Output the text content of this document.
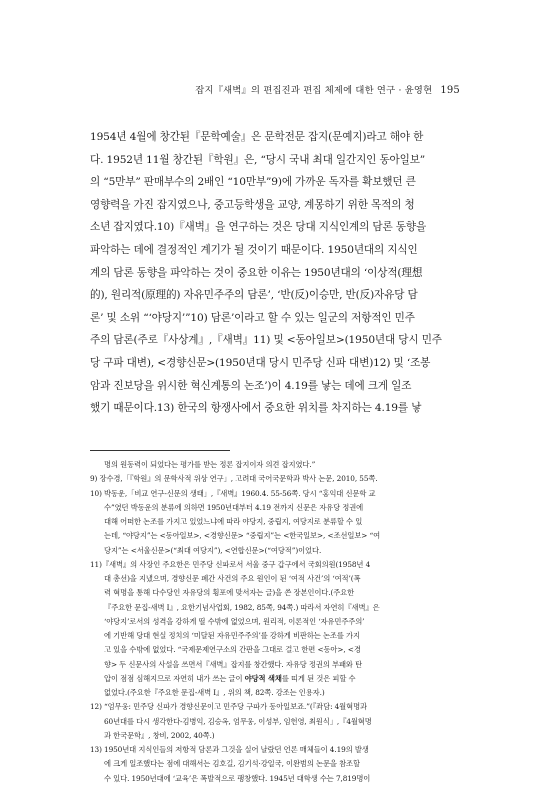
잡지『새벽』의 편집진과 편집 체제에 대한 연구 · 윤영현 195
1954년 4월에 창간된『문학예술』은 문학전문 잡지(문예지)라고 해야 한
다. 1952년 11월 창간된『학원』은, “당시 국내 최대 일간지인 동아일보”
의 “5만부” 판매부수의 2배인 “10만부”9)에 가까운 독자를 확보했던 큰
영향력을 가진 잡지였으나, 중고등학생을 교양, 계몽하기 위한 목적의 청
소년 잡지였다.10)『새벽』을 연구하는 것은 당대 지식인계의 담론 동향을
파악하는 데에 결정적인 계기가 될 것이기 때문이다. 1950년대의 지식인
계의 담론 동향을 파악하는 것이 중요한 이유는 1950년대의 ‘이상적(理想
的), 원리적(原理的) 자유민주주의 담론’, ‘반(反)이승만, 반(反)자유당 담
론’ 및 소위 “‘야당지’”10) 담론’이라고 할 수 있는 일군의 저항적인 민주
주의 담론(주로『사상계』,『새벽』11) 및 <동아일보>(1950년대 당시 민주
당 구파 대변), <경향신문>(1950년대 당시 민주당 신파 대변)12) 및 ‘조봉
암과 진보당을 위시한 혁신계통의 논조’)이 4.19를 낳는 데에 크게 일조
했기 때문이다.13) 한국의 항쟁사에서 중요한 위치를 차지하는 4.19를 낳
명의 원동력이 되었다는 평가를 받는 정론 잡지이자 의견 잡지였다.”
9) 장수경,「『학원』의 문학사적 위상 연구」, 고려대 국어국문학과 박사 논문, 2010, 55쪽.
10) 박동운,「비교 연구-신문의 생태」,『새벽』1960.4. 55-56쪽. 당시 “홍익대 신문학 교
수”였던 박동운의 분류에 의하면 1950년대부터 4.19 전까지 신문은 자유당 정권에
대해 어떠한 논조를 가지고 있었느냐에 따라 야당지, 중립지, 여당지로 분류할 수 있
는데, “야당지”는 <동아일보>, <경향신문> “중립지”는 <한국일보>, <조선일보> “여
당지”는 <서울신문>(“최대 여당지”), <연합신문>(“여당적”)이었다.
11)『새벽』의 사장인 주요한은 민주당 신파로서 서울 중구 갑구에서 국회의원(1958년 4
대 총선)을 지냈으며, 경향신문 폐간 사건의 주요 원인이 된 ‘여적 사건’의 ‘여적’(폭
력 혁명을 통해 다수당인 자유당의 횡포에 맞서자는 글)을 쓴 장본인이다.(주요한
『주요한 문집-새벽 I』, 요한기념사업회, 1982, 85쪽, 94쪽.) 따라서 자연히『새벽』은
‘야당지’로서의 성격을 강하게 띨 수밖에 없었으며, 원리적, 이론적인 ‘자유민주주의’
에 기반해 당대 현실 정치의 ‘미달된 자유민주주의’를 강하게 비판하는 논조를 가지
고 있을 수밖에 없었다. “국제문제연구소의 간판을 그대로 걸고 한편 <동아>, <경
향> 두 신문사의 사설을 쓰면서『새벽』잡지를 창간했다. 자유당 정권의 부패와 탄
압이 점점 심해지므로 자연히 내가 쓰는 글이 야당적 색채를 띠게 된 것은 피할 수
없었다.(주요한『주요한 문집-새벽 I』, 위의 책, 82쪽. 강조는 인용자.)
12) “엄무웅: 민주당 신파가 경향신문이고 민주당 구파가 동아일보죠.”(『좌담: 4월혁명과
60년대를 다시 생각한다-김병익, 김승옥, 엄무웅, 이성부, 임헌영, 최원식」,『4월혁명
과 한국문학』, 창비, 2002, 40쪽.)
13) 1950년대 지식인들의 저항적 담론과 그것을 실어 날랐던 언론 매체들이 4.19의 발생
에 크게 일조했다는 점에 대해서는 김호길, 김기석·강일국, 이완범의 논문을 참조할
수 있다. 1950년대에 ‘교육’은 폭발적으로 팽창했다. 1945년 대학생 수는 7,819명이
